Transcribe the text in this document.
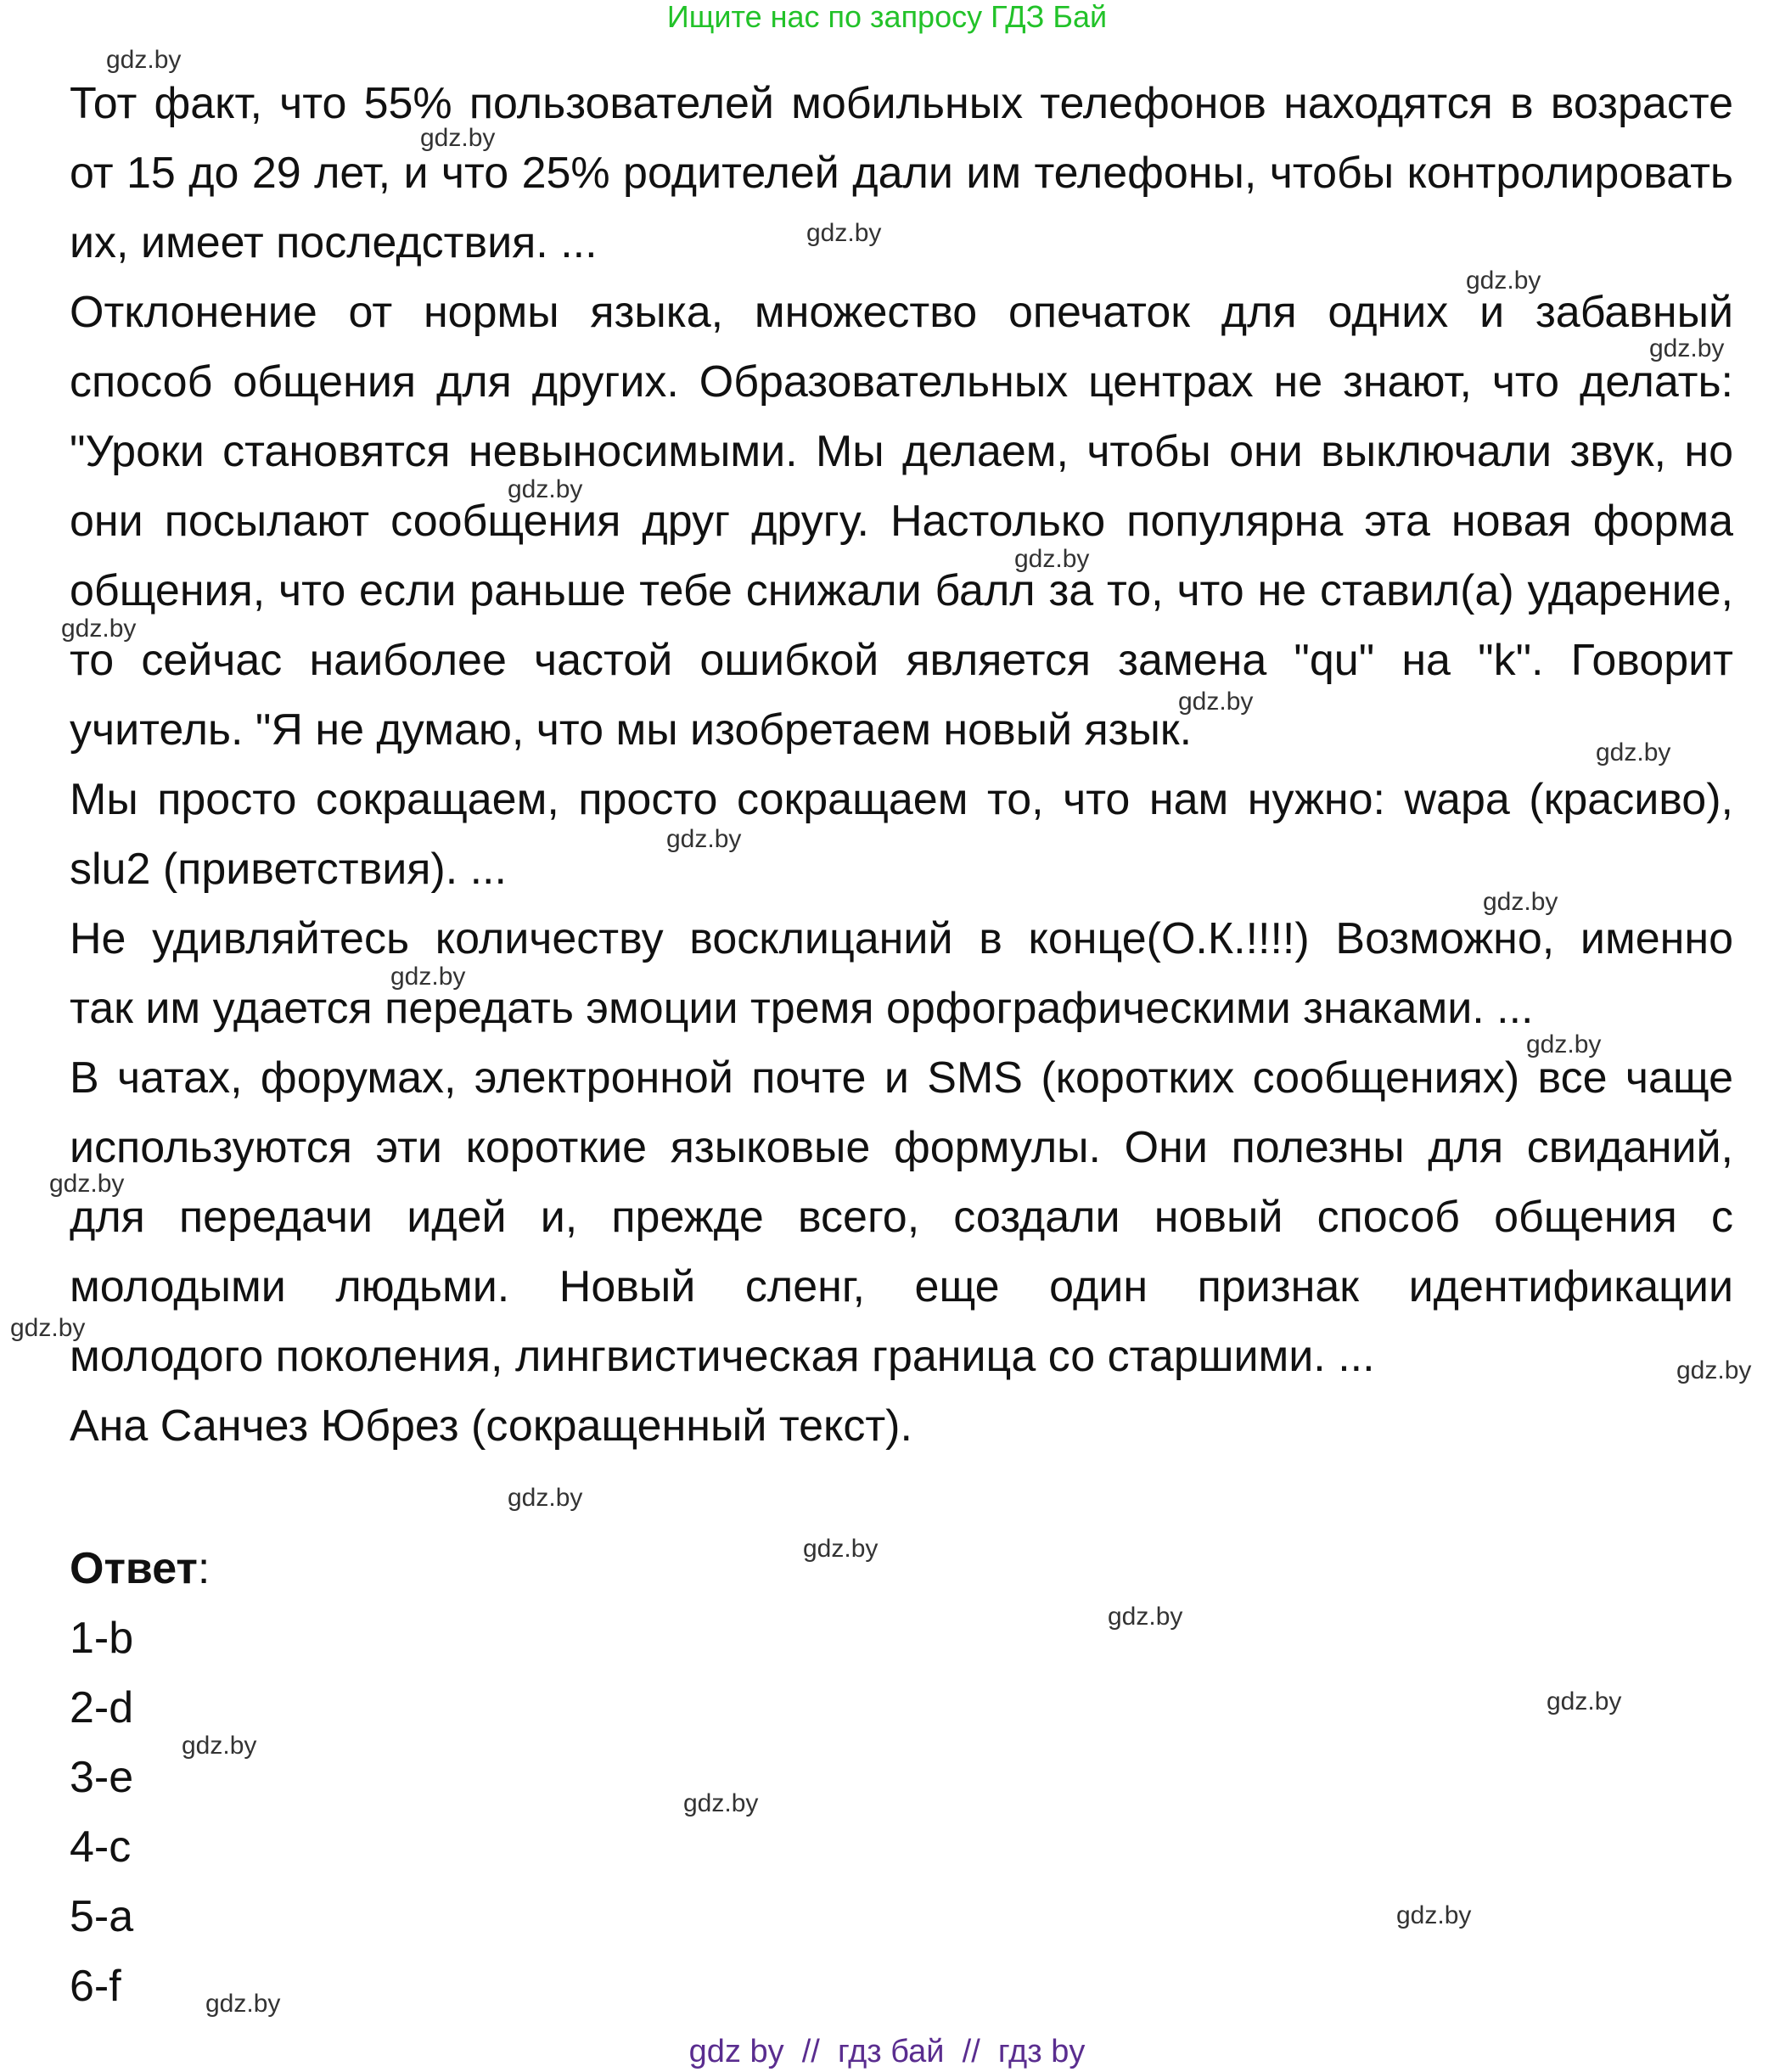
Ищите нас по запросу ГДЗ Бай
Тот факт, что 55% пользователей мобильных телефонов находятся в возрасте
от 15 до 29 лет, и что 25% родителей дали им телефоны, чтобы контролировать
их, имеет последствия. ...
Отклонение от нормы языка, множество опечаток для одних и забавный
способ общения для других. Образовательных центрах не знают, что делать:
"Уроки становятся невыносимыми. Мы делаем, чтобы они выключали звук, но
они посылают сообщения друг другу. Настолько популярна эта новая форма
общения, что если раньше тебе снижали балл за то, что не ставил(а) ударение,
то сейчас наиболее частой ошибкой является замена "qu" на "k". Говорит
учитель. "Я не думаю, что мы изобретаем новый язык.
Мы просто сокращаем, просто сокращаем то, что нам нужно: wapa (красиво),
slu2 (приветствия). ...
Не удивляйтесь количеству восклицаний в конце(О.К.!!!!) Возможно, именно
так им удается передать эмоции тремя орфографическими знаками. ...
В чатах, форумах, электронной почте и SMS (коротких сообщениях) все чаще
используются эти короткие языковые формулы. Они полезны для свиданий,
для передачи идей и, прежде всего, создали новый способ общения с
молодыми людьми. Новый сленг, еще один признак идентификации
молодого поколения, лингвистическая граница со старшими. ...
Ана Санчез Юбрез (сокращенный текст).
Ответ:
1-b
2-d
3-e
4-c
5-a
6-f
gdz.by
gdz.by
gdz.by
gdz.by
gdz.by
gdz.by
gdz.by
gdz.by
gdz.by
gdz.by
gdz.by
gdz.by
gdz.by
gdz.by
gdz.by
gdz.by
gdz.by
gdz.by
gdz.by
gdz.by
gdz.by
gdz.by
gdz.by
gdz.by
gdz.by
gdz by  //  гдз бай  //  гдз by
